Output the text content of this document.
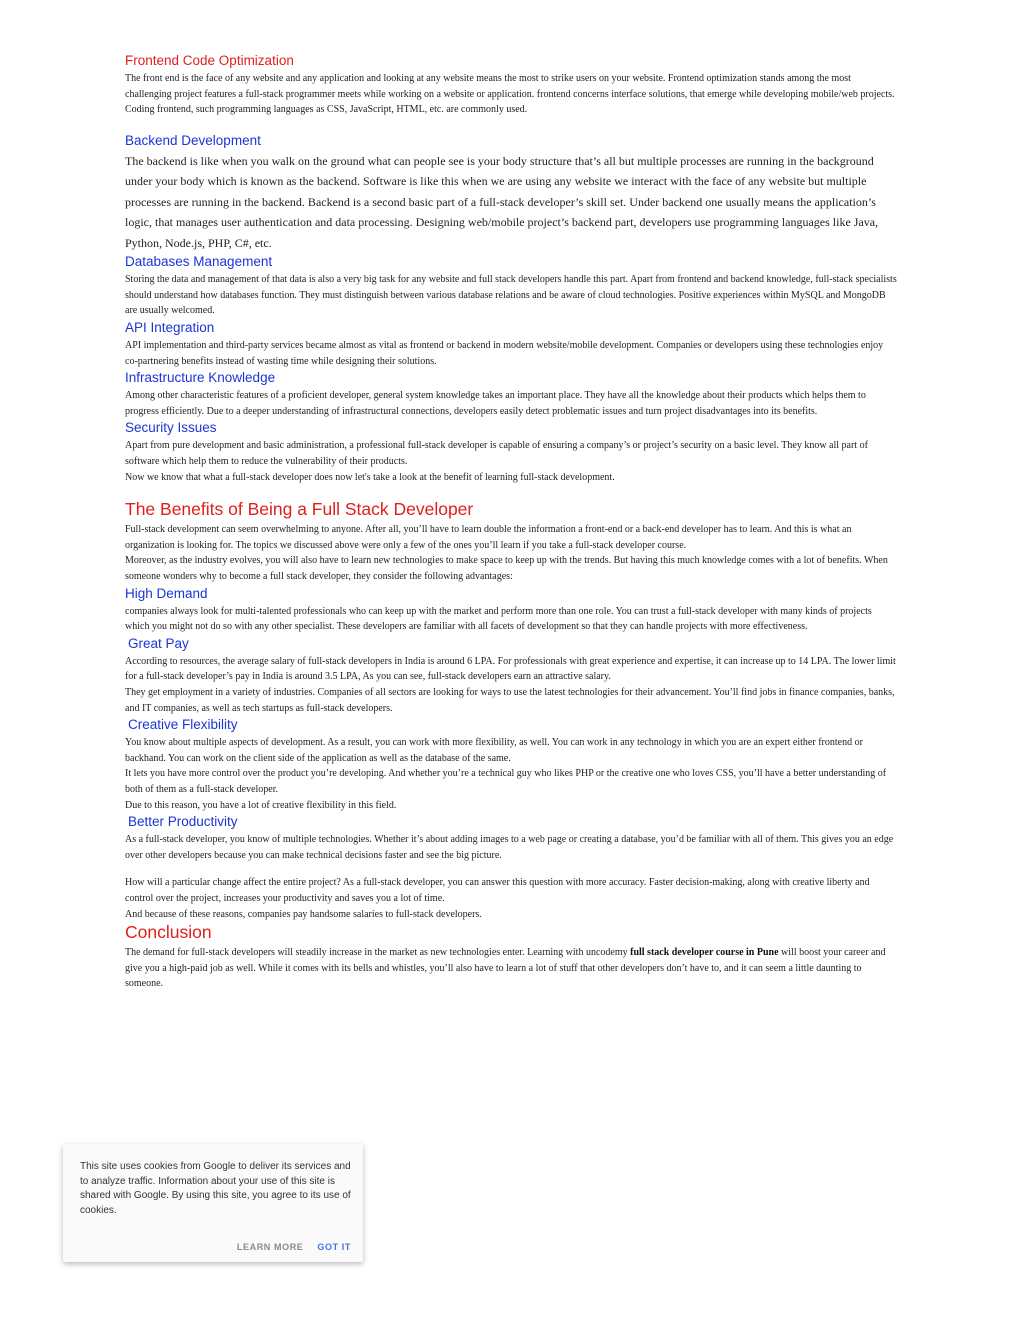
Frontend Code Optimization

The front end is the face of any website and any application and looking at any website means the most to strike users on your website. Frontend optimization stands among the most challenging project features a full-stack programmer meets while working on a website or application. frontend concerns interface solutions, that emerge while developing mobile/web projects. Coding frontend, such programming languages as CSS, JavaScript, HTML, etc. are commonly used.

Backend Development

The backend is like when you walk on the ground what can people see is your body structure that’s all but multiple processes are running in the background under your body which is known as the backend. Software is like this when we are using any website we interact with the face of any website but multiple processes are running in the backend. Backend is a second basic part of a full-stack developer’s skill set. Under backend one usually means the application’s logic, that manages user authentication and data processing. Designing web/mobile project’s backend part, developers use programming languages like Java, Python, Node.js, PHP, C#, etc.

Databases Management

Storing the data and management of that data is also a very big task for any website and full stack developers handle this part. Apart from frontend and backend knowledge, full-stack specialists should understand how databases function. They must distinguish between various database relations and be aware of cloud technologies. Positive experiences within MySQL and MongoDB are usually welcomed.

API Integration

API implementation and third-party services became almost as vital as frontend or backend in modern website/mobile development. Companies or developers using these technologies enjoy co-partnering benefits instead of wasting time while designing their solutions.

Infrastructure Knowledge

Among other characteristic features of a proficient developer, general system knowledge takes an important place. They have all the knowledge about their products which helps them to progress efficiently. Due to a deeper understanding of infrastructural connections, developers easily detect problematic issues and turn project disadvantages into its benefits.

Security Issues

Apart from pure development and basic administration, a professional full-stack developer is capable of ensuring a company’s or project’s security on a basic level. They know all part of software which help them to reduce the vulnerability of their products.

Now we know that what a full-stack developer does now let's take a look at the benefit of learning full-stack development.

The Benefits of Being a Full Stack Developer

Full-stack development can seem overwhelming to anyone. After all, you’ll have to learn double the information a front-end or a back-end developer has to learn. And this is what an organization is looking for. The topics we discussed above were only a few of the ones you’ll learn if you take a full-stack developer course.

Moreover, as the industry evolves, you will also have to learn new technologies to make space to keep up with the trends. But having this much knowledge comes with a lot of benefits. When someone wonders why to become a full stack developer, they consider the following advantages:

High Demand

companies always look for multi-talented professionals who can keep up with the market and perform more than one role. You can trust a full-stack developer with many kinds of projects which you might not do so with any other specialist. These developers are familiar with all facets of development so that they can handle projects with more effectiveness.

Great Pay

According to resources, the average salary of full-stack developers in India is around 6 LPA. For professionals with great experience and expertise, it can increase up to 14 LPA. The lower limit for a full-stack developer’s pay in India is around 3.5 LPA, As you can see, full-stack developers earn an attractive salary.

They get employment in a variety of industries. Companies of all sectors are looking for ways to use the latest technologies for their advancement. You’ll find jobs in finance companies, banks, and IT companies, as well as tech startups as full-stack developers.

Creative Flexibility

You know about multiple aspects of development. As a result, you can work with more flexibility, as well. You can work in any technology in which you are an expert either frontend or backhand. You can work on the client side of the application as well as the database of the same.

It lets you have more control over the product you’re developing. And whether you’re a technical guy who likes PHP or the creative one who loves CSS, you’ll have a better understanding of both of them as a full-stack developer.

Due to this reason, you have a lot of creative flexibility in this field.

Better Productivity

As a full-stack developer, you know of multiple technologies. Whether it’s about adding images to a web page or creating a database, you’d be familiar with all of them. This gives you an edge over other developers because you can make technical decisions faster and see the big picture.

How will a particular change affect the entire project? As a full-stack developer, you can answer this question with more accuracy. Faster decision-making, along with creative liberty and control over the project, increases your productivity and saves you a lot of time.

And because of these reasons, companies pay handsome salaries to full-stack developers.

Conclusion

The demand for full-stack developers will steadily increase in the market as new technologies enter. Learning with uncodemy full stack developer course in Pune will boost your career and give you a high-paid job as well. While it comes with its bells and whistles, you’ll also have to learn a lot of stuff that other developers don’t have to, and it can seem a little daunting to someone.

This site uses cookies from Google to deliver its services and to analyze traffic. Information about your use of this site is shared with Google. By using this site, you agree to its use of cookies.

LEARN MORE GOT IT
